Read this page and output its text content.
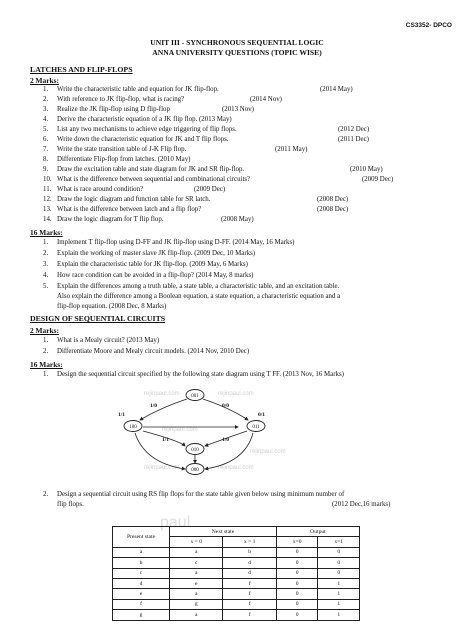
CS3352- DPCO
UNIT III - SYNCHRONOUS SEQUENTIAL LOGIC
ANNA UNIVERSITY QUESTIONS (TOPIC WISE)
LATCHES AND FLIP-FLOPS
2 Marks:
1. Write the characteristic table and equation for JK flip-flop.	(2014 May)
2. With reference to JK flip-flop, what is racing?	(2014 Nov)
3. Realize the JK flip-flop using D flip-flop	(2013 Nov)
4. Derive the characteristic equation of a JK flip flop. (2013 May)
5. List any two mechanisms to achieve edge triggering of flip flops.	(2012 Dec)
6. Write down the characteristic equation for JK and T flip flops.	(2011 Dec)
7. Write the state transition table of J-K Flip flop.	(2011 May)
8. Differentiate Flip-flop from latches. (2010 May)
9. Draw the excitation table and state diagram for JK and SR flip-flop.	(2010 May)
10. What is the difference between sequential and combinational circuits?	(2009 Dec)
11. What is race around condition?	(2009 Dec)
12. Draw the logic diagram and function table for SR latch.	(2008 Dec)
13. What is the difference between latch and a flip flop?	(2008 Dec)
14. Draw the logic diagram for T flip flop.	(2008 May)
16 Marks:
1. Implement T flip-flop using D-FF and JK flip-flop using D-FF. (2014 May, 16 Marks)
2. Explain the working of master slave JK flip-flop. (2009 Dec, 10 Marks)
3. Explain the characteristic table for JK flip-flop. (2009 May, 6 Marks)
4. How race condition can be avoided in a flip-flop? (2014 May, 8 marks)
5. Explain the differences among a truth table, a state table, a characteristic table, and an excitation table.
Also explain the difference among a Boolean equation, a state equation, a characteristic equation and a
flip-flop equation. (2008 Dec, 8 Marks)
DESIGN OF SEQUENTIAL CIRCUITS
2 Marks:
1. What is a Mealy circuit? (2013 May)
2. Differentiate Moore and Mealy circuit models. (2014 Nov, 2010 Dec)
16 Marks:
1. Design the sequential circuit specified by the following state diagram using T FF. (2013 Nov, 16 Marks)
rejinpaul.com	rejinpaul.com
rejinpaul.com
rejinpaul.com
rejinpaul.com	rejinpaul.com
001
100	011
010
000
1/0	0/0
1/1	0/1
1/1	1/0
2. Design a sequential circuit using RS flip flops for the state table given below using minimum number of
flip flops.	(2012 Dec,16 marks)
paul
Present state	Next state		Output	
	x = 0	x = 1	x=0	x=1
a	a	b	0	0
b	c	d	0	0
c	a	d	0	0
d	e	f	0	1
e	a	f	0	1
f	g	f	0	1
g	a	f	0	1
